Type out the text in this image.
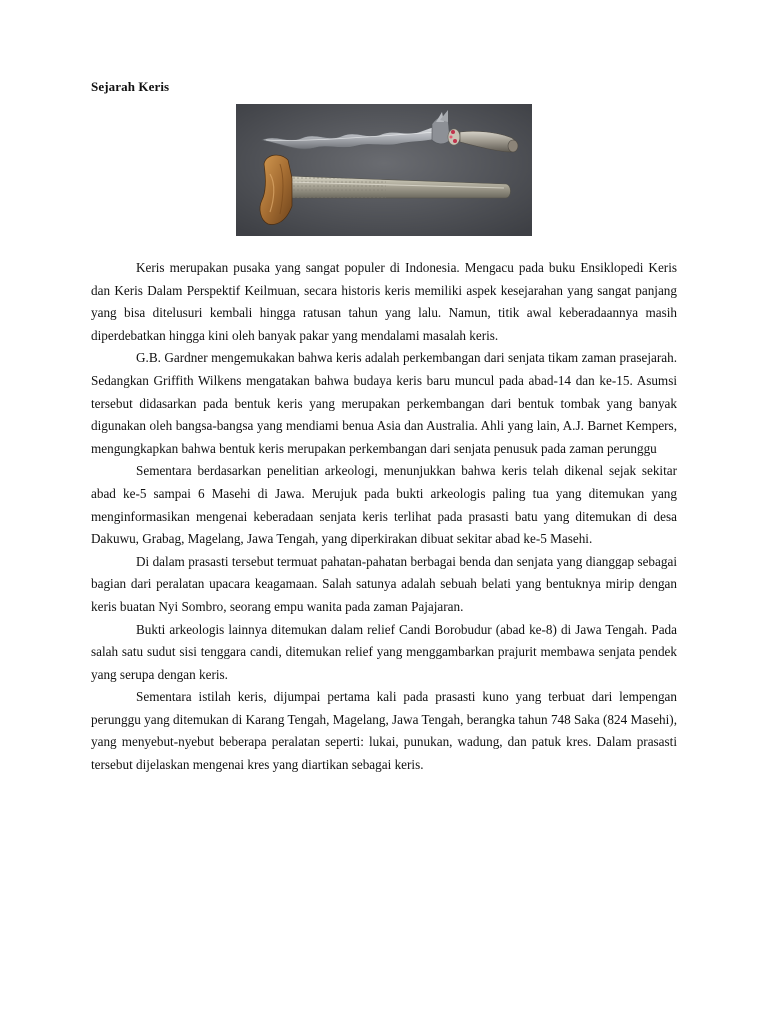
Sejarah Keris

Keris merupakan pusaka yang sangat populer di Indonesia. Mengacu pada buku Ensiklopedi Keris dan Keris Dalam Perspektif Keilmuan, secara historis keris memiliki aspek kesejarahan yang sangat panjang yang bisa ditelusuri kembali hingga ratusan tahun yang lalu. Namun, titik awal keberadaannya masih diperdebatkan hingga kini oleh banyak pakar yang mendalami masalah keris.

G.B. Gardner mengemukakan bahwa keris adalah perkembangan dari senjata tikam zaman prasejarah. Sedangkan Griffith Wilkens mengatakan bahwa budaya keris baru muncul pada abad-14 dan ke-15. Asumsi tersebut didasarkan pada bentuk keris yang merupakan perkembangan dari bentuk tombak yang banyak digunakan oleh bangsa-bangsa yang mendiami benua Asia dan Australia. Ahli yang lain, A.J. Barnet Kempers, mengungkapkan bahwa bentuk keris merupakan perkembangan dari senjata penusuk pada zaman perunggu

Sementara berdasarkan penelitian arkeologi, menunjukkan bahwa keris telah dikenal sejak sekitar abad ke-5 sampai 6 Masehi di Jawa. Merujuk pada bukti arkeologis paling tua yang ditemukan yang menginformasikan mengenai keberadaan senjata keris terlihat pada prasasti batu yang ditemukan di desa Dakuwu, Grabag, Magelang, Jawa Tengah, yang diperkirakan dibuat sekitar abad ke-5 Masehi.

Di dalam prasasti tersebut termuat pahatan-pahatan berbagai benda dan senjata yang dianggap sebagai bagian dari peralatan upacara keagamaan. Salah satunya adalah sebuah belati yang bentuknya mirip dengan keris buatan Nyi Sombro, seorang empu wanita pada zaman Pajajaran.

Bukti arkeologis lainnya ditemukan dalam relief Candi Borobudur (abad ke-8) di Jawa Tengah. Pada salah satu sudut sisi tenggara candi, ditemukan relief yang menggambarkan prajurit membawa senjata pendek yang serupa dengan keris.

Sementara istilah keris, dijumpai pertama kali pada prasasti kuno yang terbuat dari lempengan perunggu yang ditemukan di Karang Tengah, Magelang, Jawa Tengah, berangka tahun 748 Saka (824 Masehi), yang menyebut-nyebut beberapa peralatan seperti: lukai, punukan, wadung, dan patuk kres. Dalam prasasti tersebut dijelaskan mengenai kres yang diartikan sebagai keris.
